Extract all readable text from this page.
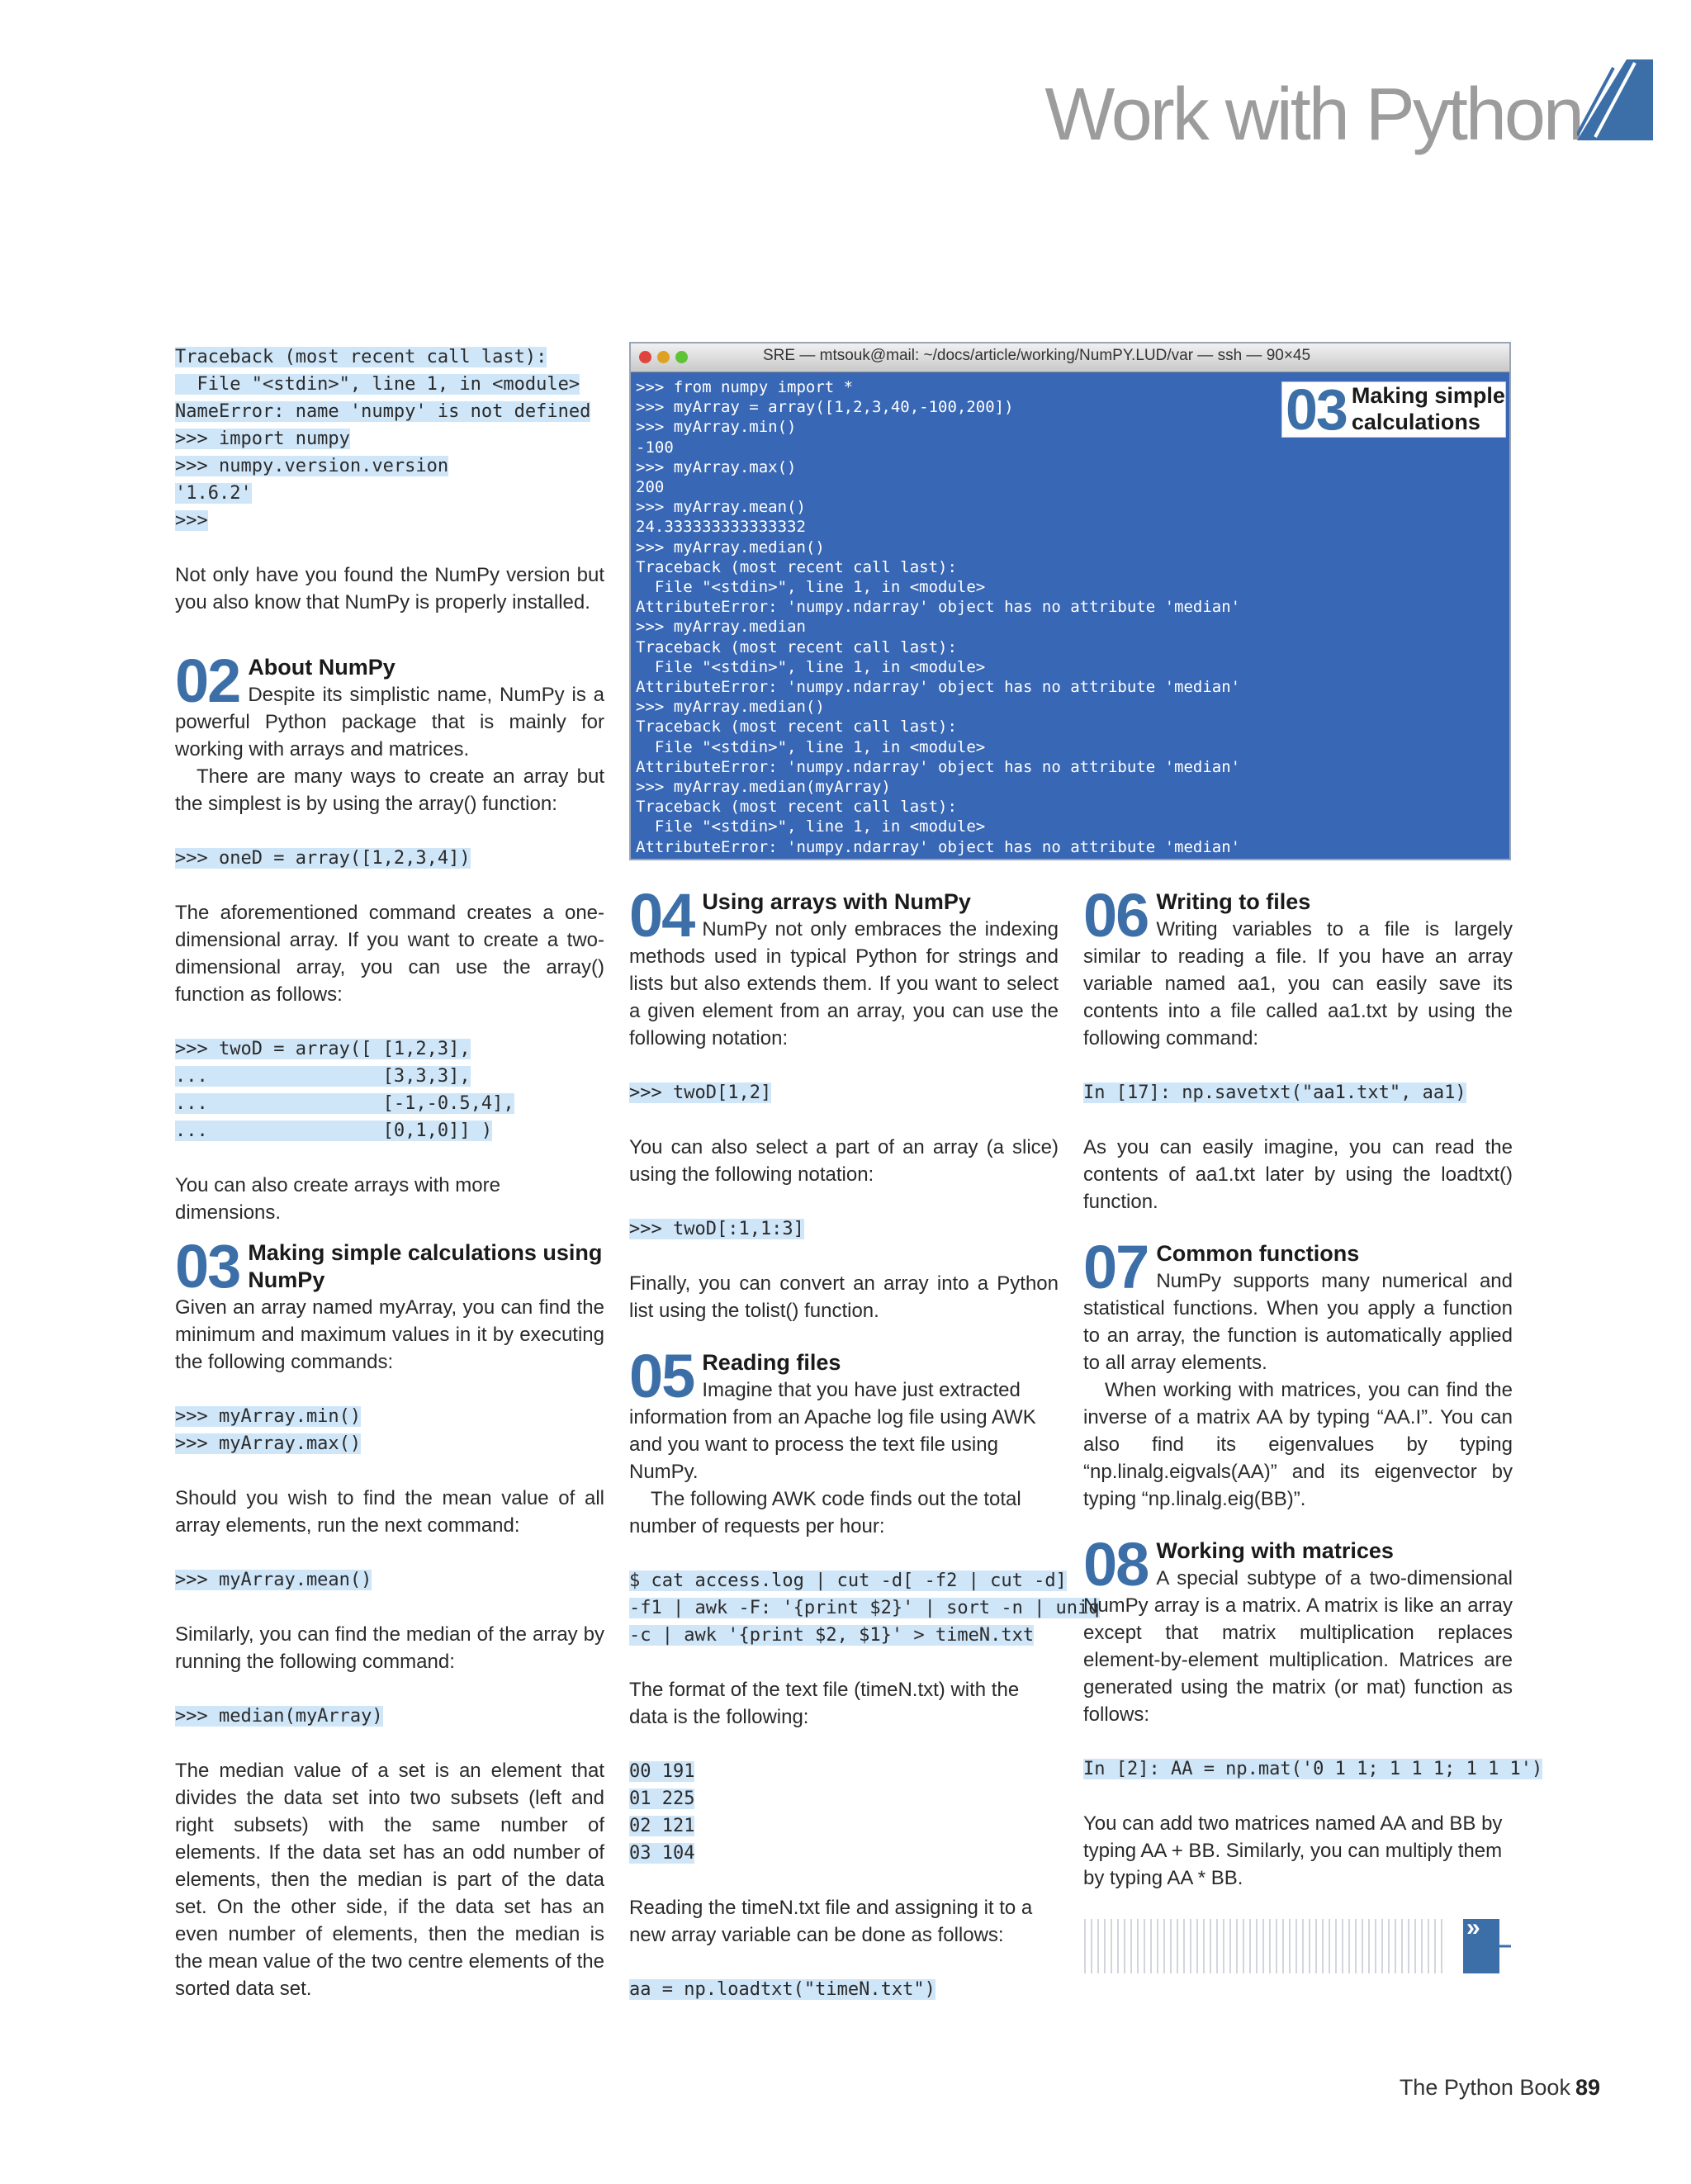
Work with Python
SRE — mtsouk@mail: ~/docs/article/working/NumPY.LUD/var — ssh — 90×45
>>> from numpy import *
>>> myArray = array([1,2,3,40,-100,200])
>>> myArray.min()
-100
>>> myArray.max()
200
>>> myArray.mean()
24.333333333333332
>>> myArray.median()
Traceback (most recent call last):
File "<stdin>", line 1, in <module>
AttributeError: 'numpy.ndarray' object has no attribute 'median'
>>> myArray.median
Traceback (most recent call last):
File "<stdin>", line 1, in <module>
AttributeError: 'numpy.ndarray' object has no attribute 'median'
>>> myArray.median()
Traceback (most recent call last):
File "<stdin>", line 1, in <module>
AttributeError: 'numpy.ndarray' object has no attribute 'median'
>>> myArray.median(myArray)
Traceback (most recent call last):
File "<stdin>", line 1, in <module>
AttributeError: 'numpy.ndarray' object has no attribute 'median'
03 Making simple calculations
Traceback (most recent call last):
File "<stdin>", line 1, in <module>
NameError: name 'numpy' is not defined
>>> import numpy
>>> numpy.version.version
'1.6.2'
>>>

Not only have you found the NumPy version but you also know that NumPy is properly installed.

02 About NumPy

Despite its simplistic name, NumPy is a powerful Python package that is mainly for working with arrays and matrices.

There are many ways to create an array but the simplest is by using the array() function:

>>> oneD = array([1,2,3,4])

The aforementioned command creates a one-dimensional array. If you want to create a two-dimensional array, you can use the array() function as follows:

>>> twoD = array([ [1,2,3],
...                [3,3,3],
...                [-1,-0.5,4],
...                [0,1,0]] )

You can also create arrays with more dimensions.

03 Making simple calculations using NumPy

Given an array named myArray, you can find the minimum and maximum values in it by executing the following commands:

>>> myArray.min()
>>> myArray.max()

Should you wish to find the mean value of all array elements, run the next command:

>>> myArray.mean()

Similarly, you can find the median of the array by running the following command:

>>> median(myArray)

The median value of a set is an element that divides the data set into two subsets (left and right subsets) with the same number of elements. If the data set has an odd number of elements, then the median is part of the data set. On the other side, if the data set has an even number of elements, then the median is the mean value of the two centre elements of the sorted data set.

04 Using arrays with NumPy

NumPy not only embraces the indexing methods used in typical Python for strings and lists but also extends them. If you want to select a given element from an array, you can use the following notation:

>>> twoD[1,2]

You can also select a part of an array (a slice) using the following notation:

>>> twoD[:1,1:3]

Finally, you can convert an array into a Python list using the tolist() function.

05 Reading files

Imagine that you have just extracted information from an Apache log file using AWK and you want to process the text file using NumPy.

The following AWK code finds out the total number of requests per hour:

$ cat access.log | cut -d[ -f2 | cut -d]
-f1 | awk -F: '{print $2}' | sort -n | uniq
-c | awk '{print $2, $1}' > timeN.txt

The format of the text file (timeN.txt) with the data is the following:

00 191
01 225
02 121
03 104

Reading the timeN.txt file and assigning it to a new array variable can be done as follows:

aa = np.loadtxt("timeN.txt")
06 Writing to files

Writing variables to a file is largely similar to reading a file. If you have an array variable named aa1, you can easily save its contents into a file called aa1.txt by using the following command:

In [17]: np.savetxt("aa1.txt", aa1)

As you can easily imagine, you can read the contents of aa1.txt later by using the loadtxt() function.

07 Common functions

NumPy supports many numerical and statistical functions. When you apply a function to an array, the function is automatically applied to all array elements.

When working with matrices, you can find the inverse of a matrix AA by typing “AA.I”. You can also find its eigenvalues by typing “np.linalg.eigvals(AA)” and its eigenvector by typing “np.linalg.eig(BB)”.

08 Working with matrices

A special subtype of a two-dimensional NumPy array is a matrix. A matrix is like an array except that matrix multiplication replaces element-by-element multiplication. Matrices are generated using the matrix (or mat) function as follows:

In [2]: AA = np.mat('0 1 1; 1 1 1; 1 1 1')

You can add two matrices named AA and BB by typing AA + BB. Similarly, you can multiply them by typing AA * BB.

»
The Python Book 89
